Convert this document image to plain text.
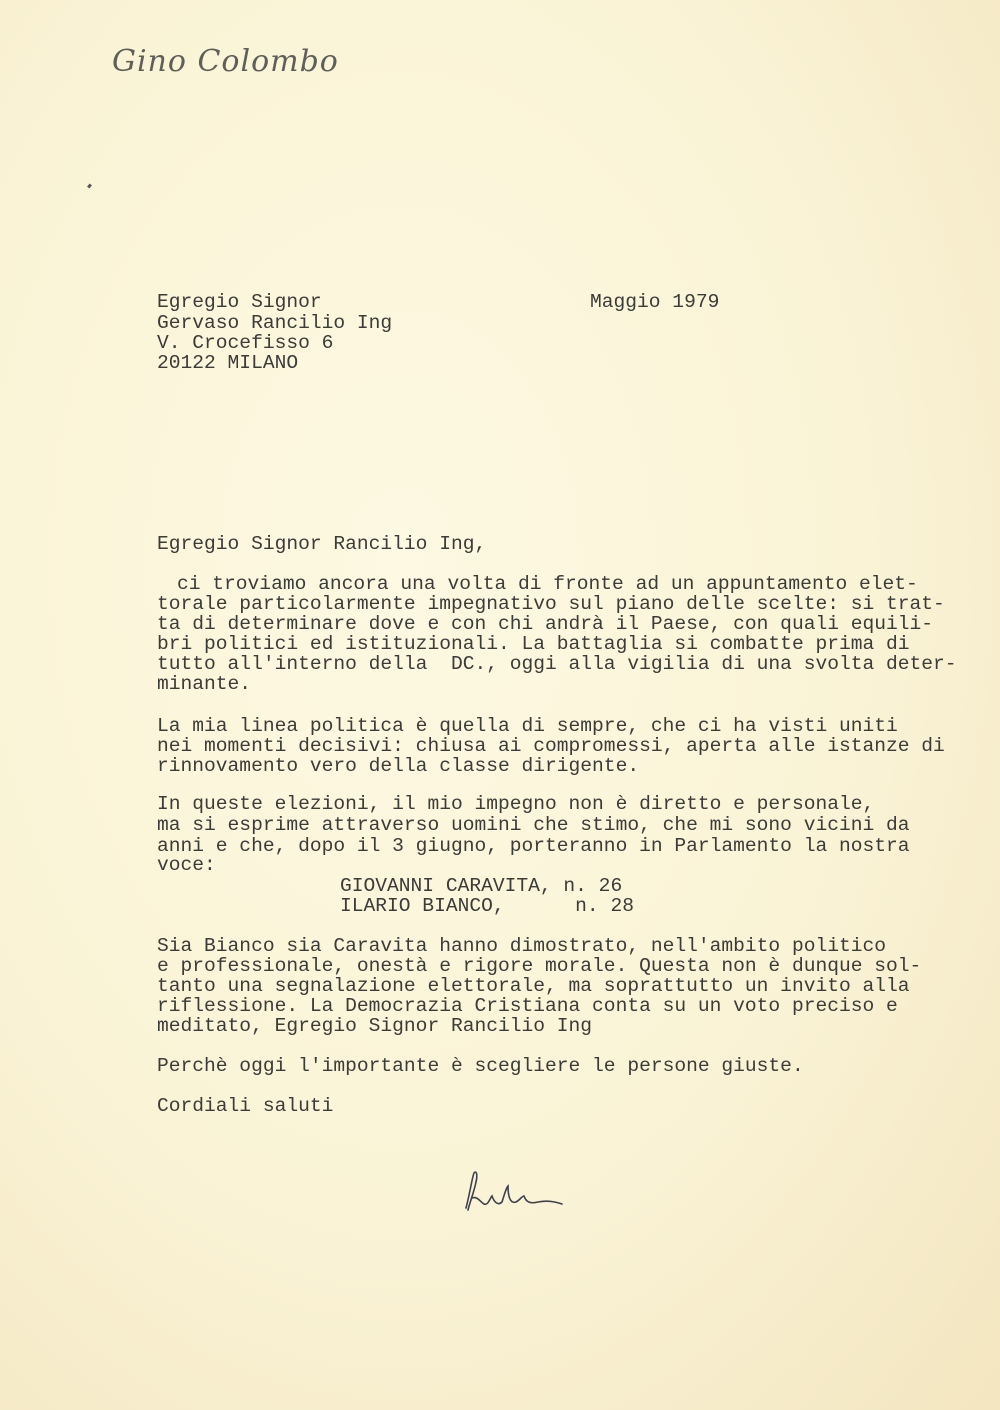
Gino Colombo
Maggio 1979
Egregio Signor
Gervaso Rancilio Ing
V. Crocefisso 6
20122 MILANO
Egregio Signor Rancilio Ing,
ci troviamo ancora una volta di fronte ad un appuntamento elet-
torale particolarmente impegnativo sul piano delle scelte: si trat-
ta di determinare dove e con chi andrà il Paese, con quali equili-
bri politici ed istituzionali. La battaglia si combatte prima di
tutto all'interno della  DC., oggi alla vigilia di una svolta deter-
minante.
La mia linea politica è quella di sempre, che ci ha visti uniti
nei momenti decisivi: chiusa ai compromessi, aperta alle istanze di
rinnovamento vero della classe dirigente.
In queste elezioni, il mio impegno non è diretto e personale,
ma si esprime attraverso uomini che stimo, che mi sono vicini da
anni e che, dopo il 3 giugno, porteranno in Parlamento la nostra
voce:
GIOVANNI CARAVITA, n. 26
ILARIO BIANCO,      n. 28
Sia Bianco sia Caravita hanno dimostrato, nell'ambito politico
e professionale, onestà e rigore morale. Questa non è dunque sol-
tanto una segnalazione elettorale, ma soprattutto un invito alla
riflessione. La Democrazia Cristiana conta su un voto preciso e
meditato, Egregio Signor Rancilio Ing
Perchè oggi l'importante è scegliere le persone giuste.
Cordiali saluti
